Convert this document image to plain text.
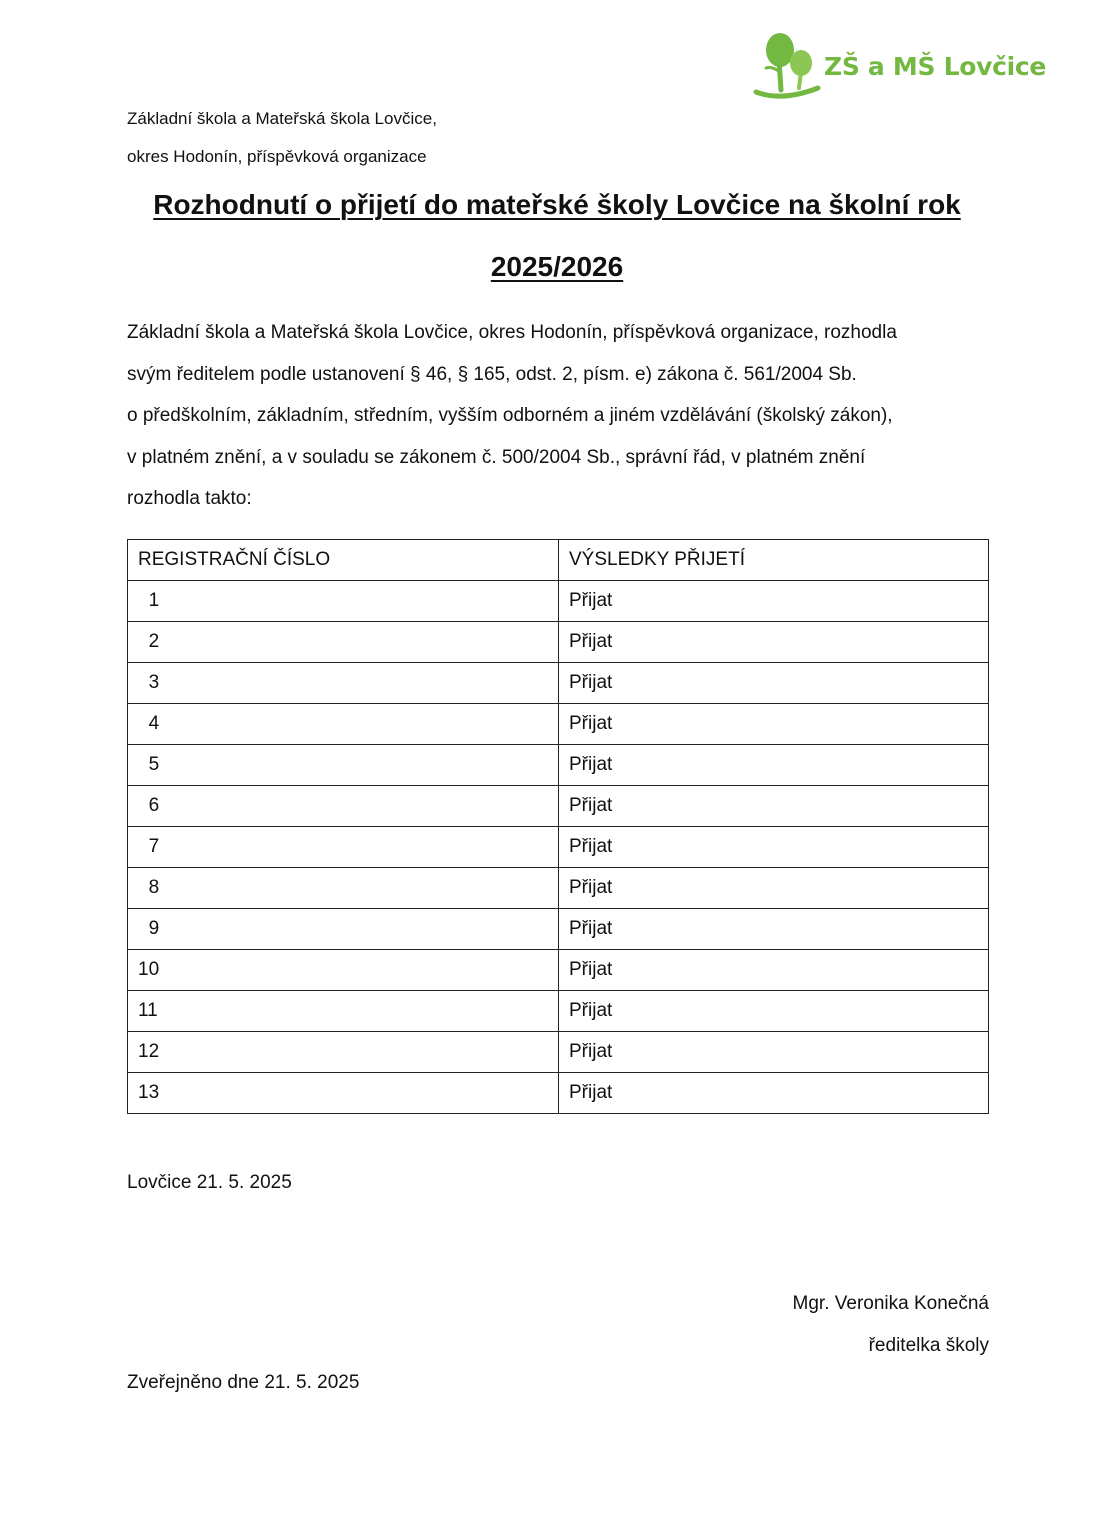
ZŠ a MŠ Lovčice
Základní škola a Mateřská škola Lovčice,
okres Hodonín, příspěvková organizace
Rozhodnutí o přijetí do mateřské školy Lovčice na školní rok
2025/2026

Základní škola a Mateřská škola Lovčice, okres Hodonín, příspěvková organizace, rozhodla

svým ředitelem podle ustanovení § 46, § 165, odst. 2, písm. e) zákona č. 561/2004 Sb.

o předškolním, základním, středním, vyšším odborném a jiném vzdělávání (školský zákon),

v platném znění, a v souladu se zákonem č. 500/2004 Sb., správní řád, v platném znění

rozhodla takto:

REGISTRAČNÍ ČÍSLO	VÝSLEDKY PŘIJETÍ
1	Přijat
2	Přijat
3	Přijat
4	Přijat
5	Přijat
6	Přijat
7	Přijat
8	Přijat
9	Přijat
10	Přijat
11	Přijat
12	Přijat
13	Přijat
Lovčice 21. 5. 2025
Mgr. Veronika Konečná
ředitelka školy
Zveřejněno dne 21. 5. 2025
